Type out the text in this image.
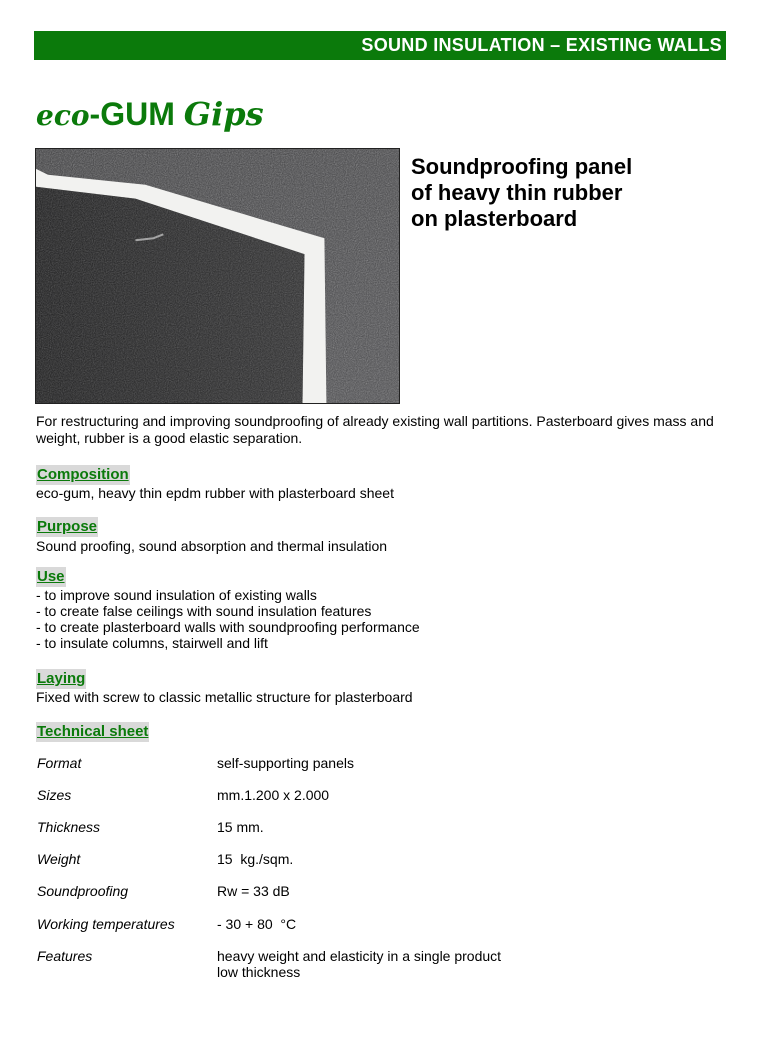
SOUND INSULATION – EXISTING WALLS
eco-GUM Gips
Soundproofing panel
of heavy thin rubber
on plasterboard
For restructuring and improving soundproofing of already existing wall partitions. Pasterboard gives mass and weight, rubber is a good elastic separation.
Composition
eco-gum, heavy thin epdm rubber with plasterboard sheet
Purpose
Sound proofing, sound absorption and thermal insulation
Use
- to improve sound insulation of existing walls
- to create false ceilings with sound insulation features
- to create plasterboard walls with soundproofing performance
- to insulate columns, stairwell and lift
Laying
Fixed with screw to classic metallic structure for plasterboard
Technical sheet
Format	self-supporting panels
Sizes	mm.1.200 x 2.000
Thickness	15 mm.
Weight	15  kg./sqm.
Soundproofing	Rw = 33 dB
Working temperatures	- 30 + 80  °C
Features	heavy weight and elasticity in a single product
low thickness
